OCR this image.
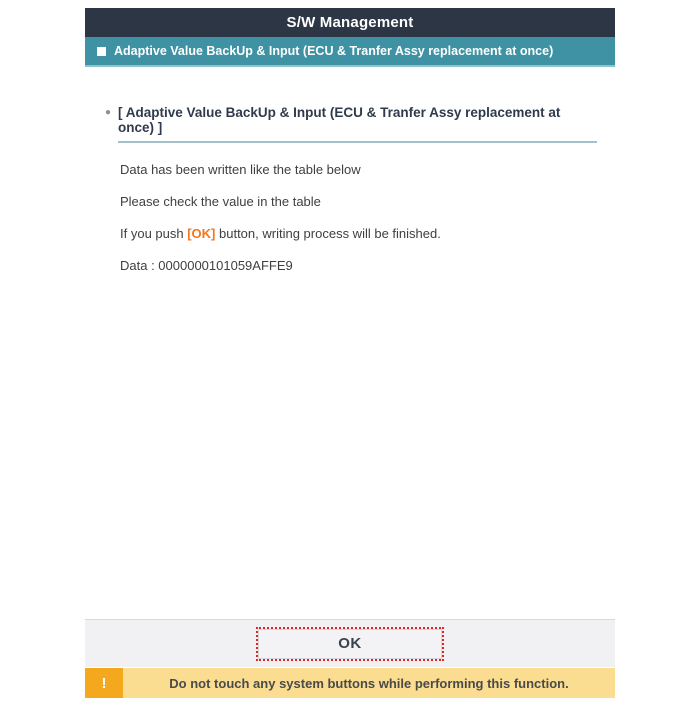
S/W Management
Adaptive Value BackUp & Input (ECU & Tranfer Assy replacement at once)
● [ Adaptive Value BackUp & Input (ECU & Tranfer Assy replacement at once) ]

Data has been written like the table below

Please check the value in the table

If you push [OK] button, writing process will be finished.

Data : 0000000101059AFFE9

OK
!	Do not touch any system buttons while performing this function.
